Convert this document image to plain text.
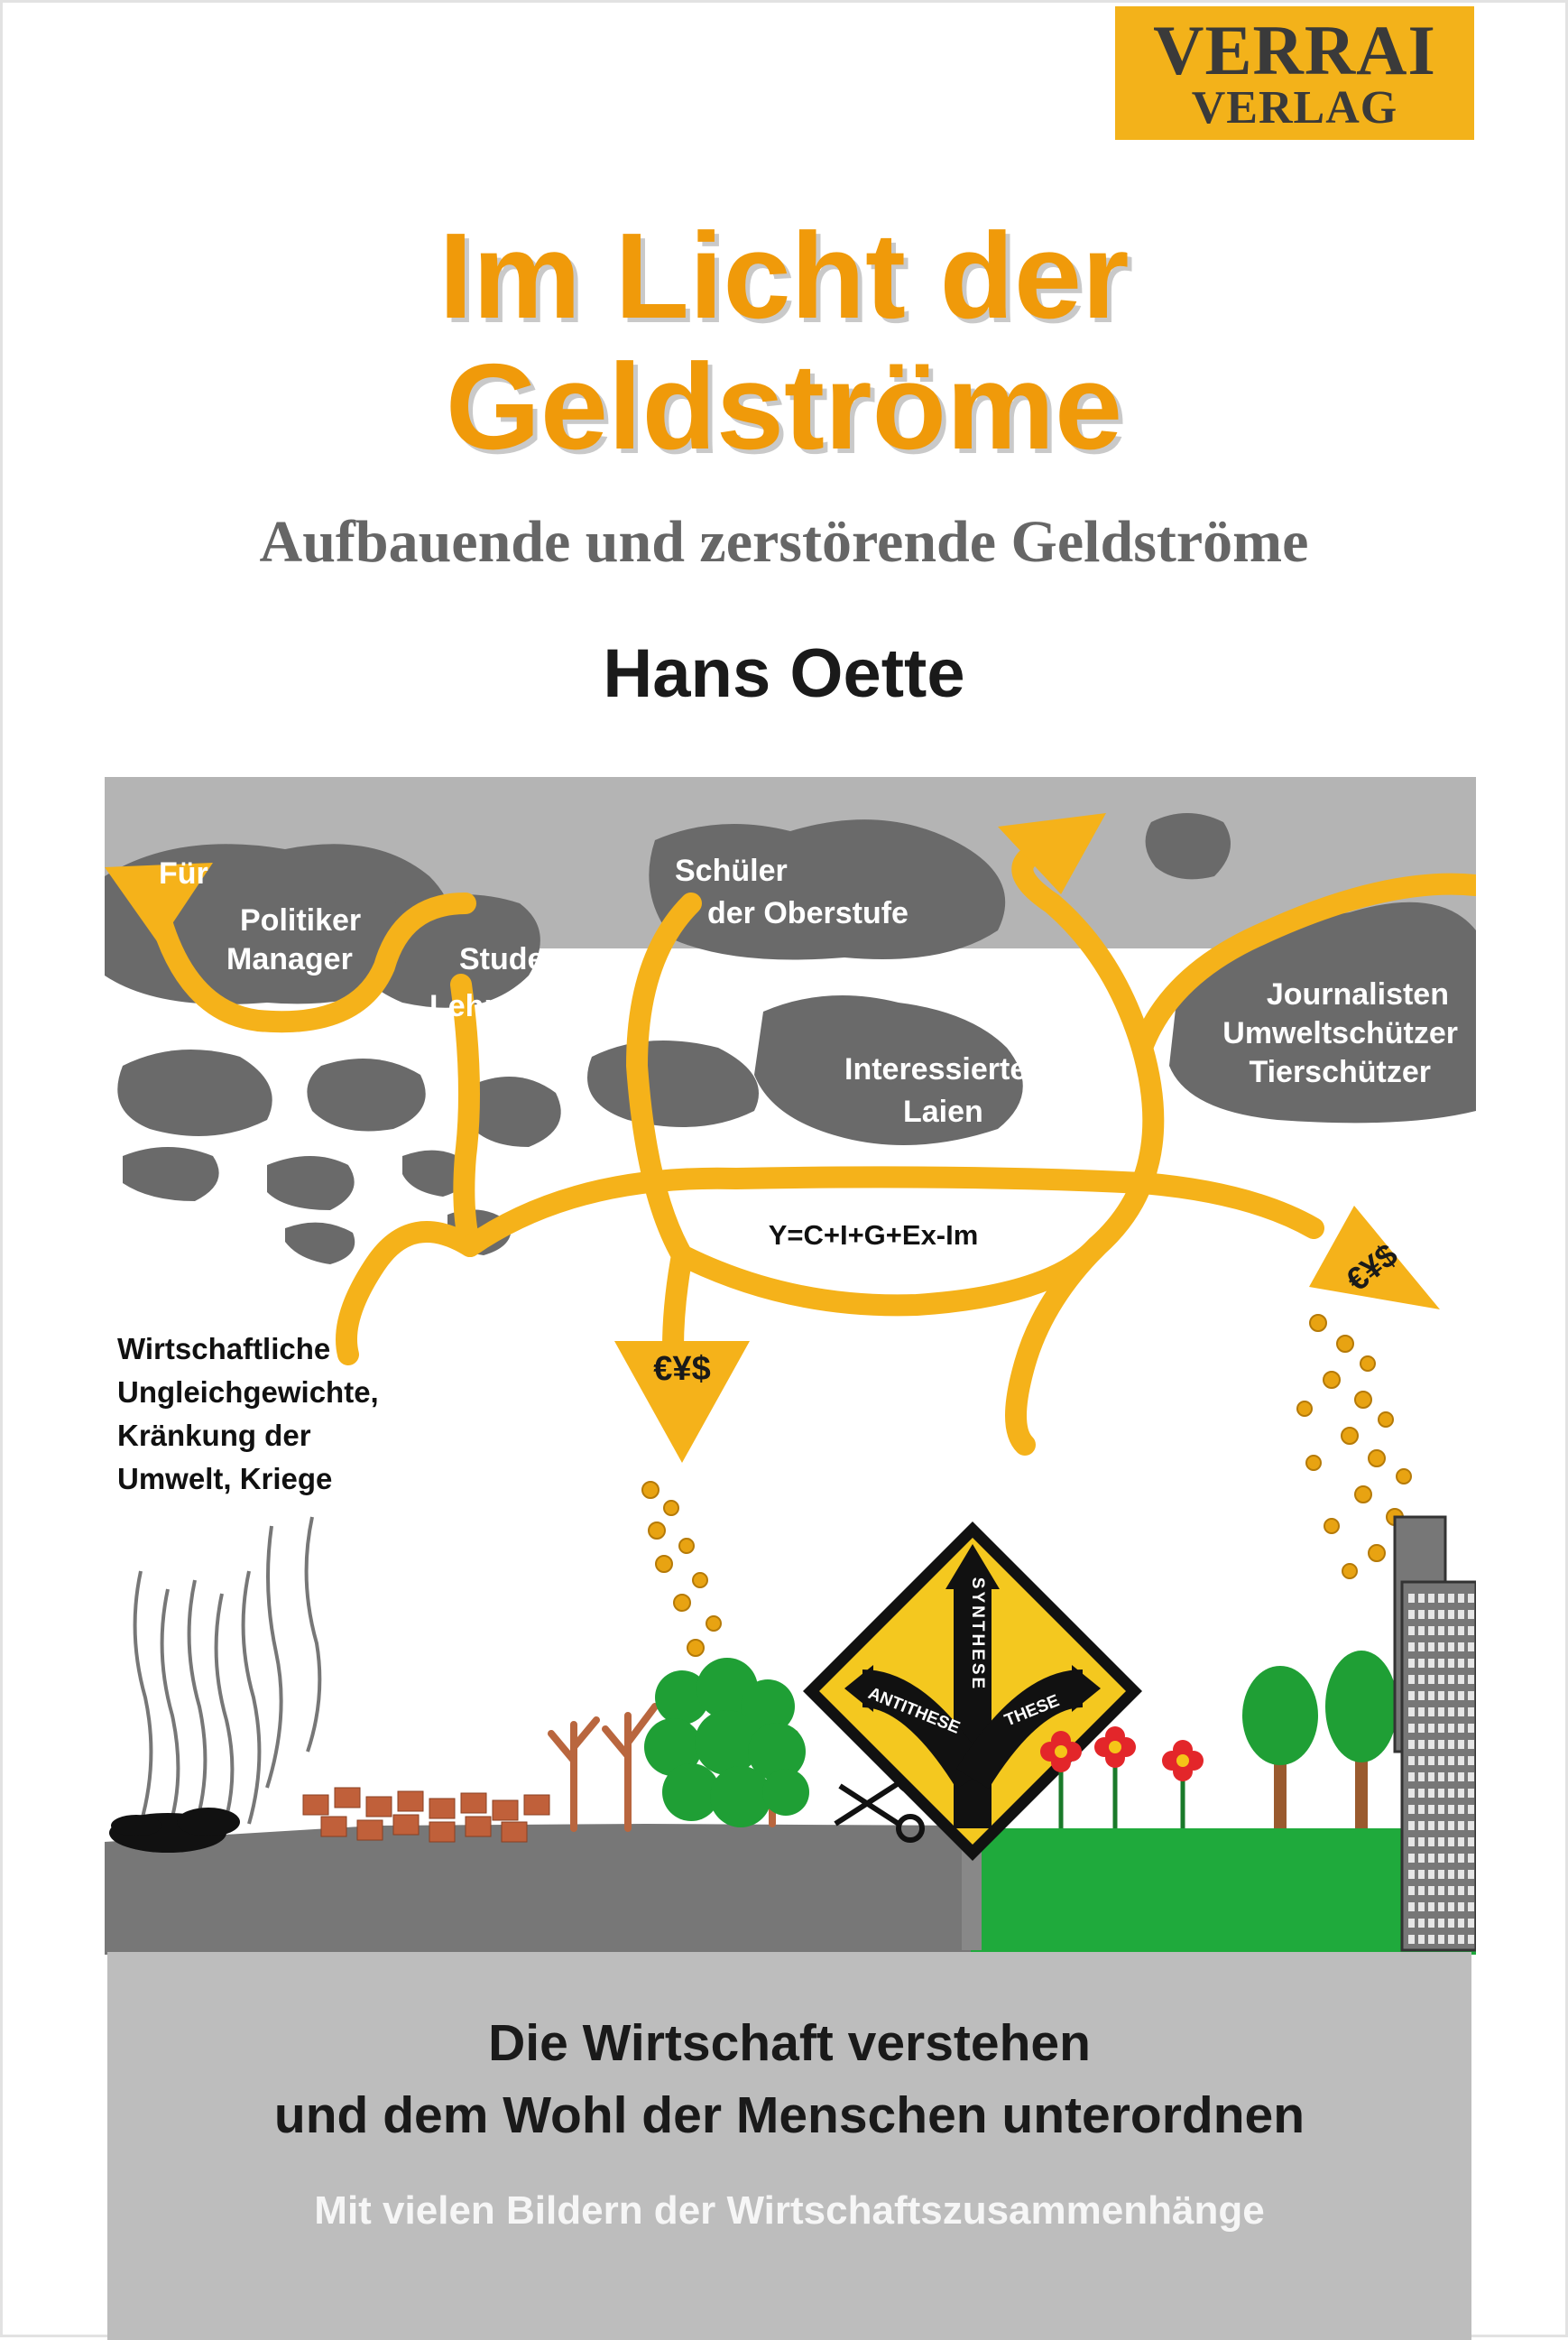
VERRAI
VERLAG
Im Licht der
Geldströme
Aufbauende und zerstörende Geldströme
Hans Oette
€¥$
€¥$
Für
Politiker
Manager	Studenten
Lehrer
Schüler
der Oberstufe
Interessierte
Laien
Journalisten
Umweltschützer
Tierschützer
Y=C+I+G+Ex-Im
Wirtschaftliche
Ungleichgewichte,
Kränkung der
Umwelt, Kriege
SYNTHESE
ANTITHESE THESE
Die Wirtschaft verstehen
und dem Wohl der Menschen unterordnen
Mit vielen Bildern der Wirtschaftszusammenhänge
